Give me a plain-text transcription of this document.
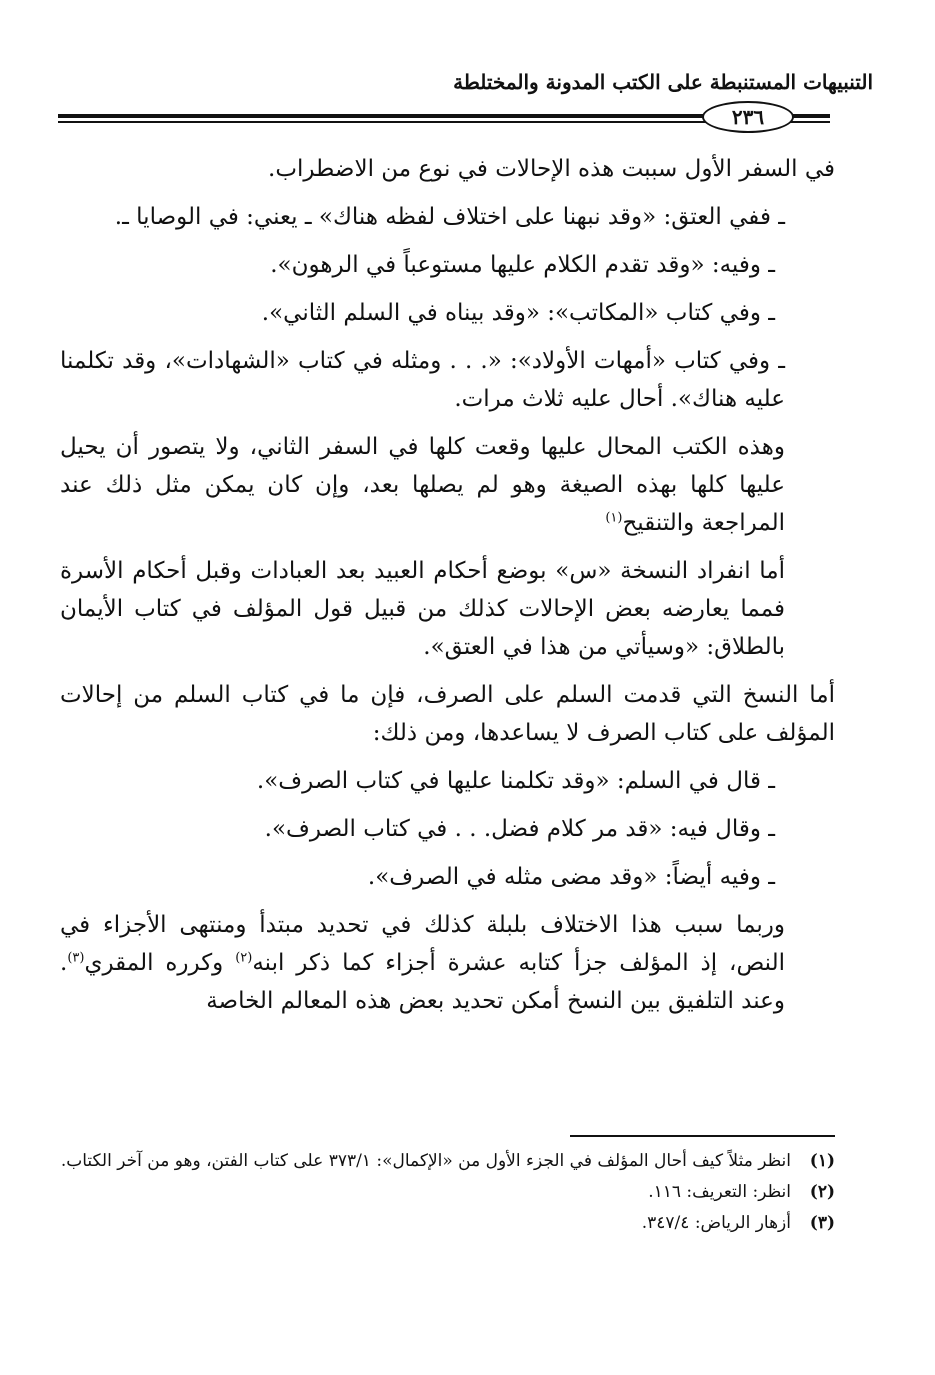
التنبيهات المستنبطة على الكتب المدونة والمختلطة
٢٣٦

في السفر الأول سببت هذه الإحالات في نوع من الاضطراب.

ـ ففي العتق: «وقد نبهنا على اختلاف لفظه هناك» ـ يعني: في الوصايا ـ.

ـ وفيه: «وقد تقدم الكلام عليها مستوعباً في الرهون».

ـ وفي كتاب «المكاتب»: «وقد بيناه في السلم الثاني».

ـ وفي كتاب «أمهات الأولاد»: «. . . ومثله في كتاب «الشهادات»، وقد تكلمنا عليه هناك». أحال عليه ثلاث مرات.

وهذه الكتب المحال عليها وقعت كلها في السفر الثاني، ولا يتصور أن يحيل عليها كلها بهذه الصيغة وهو لم يصلها بعد، وإن كان يمكن مثل ذلك عند المراجعة والتنقيح$^{(١)}$

أما انفراد النسخة «س» بوضع أحكام العبيد بعد العبادات وقبل أحكام الأسرة فمما يعارضه بعض الإحالات كذلك من قبيل قول المؤلف في كتاب الأيمان بالطلاق: «وسيأتي من هذا في العتق».

أما النسخ التي قدمت السلم على الصرف، فإن ما في كتاب السلم من إحالات المؤلف على كتاب الصرف لا يساعدها، ومن ذلك:

ـ قال في السلم: «وقد تكلمنا عليها في كتاب الصرف».

ـ وقال فيه: «قد مر كلام فضل. . . في كتاب الصرف».

ـ وفيه أيضاً: «وقد مضى مثله في الصرف».

وربما سبب هذا الاختلاف بلبلة كذلك في تحديد مبتدأ ومنتهى الأجزاء في النص، إذ المؤلف جزأ كتابه عشرة أجزاء كما ذكر ابنه$^{(٢)}$ وكرره المقري$^{(٣)}$. وعند التلفيق بين النسخ أمكن تحديد بعض هذه المعالم الخاصة

(١)
انظر مثلاً كيف أحال المؤلف في الجزء الأول من «الإكمال»: ٣٧٣/١ على كتاب الفتن، وهو من آخر الكتاب.

(٢)
انظر: التعريف: ١١٦.

(٣)
أزهار الرياض: ٣٤٧/٤.
